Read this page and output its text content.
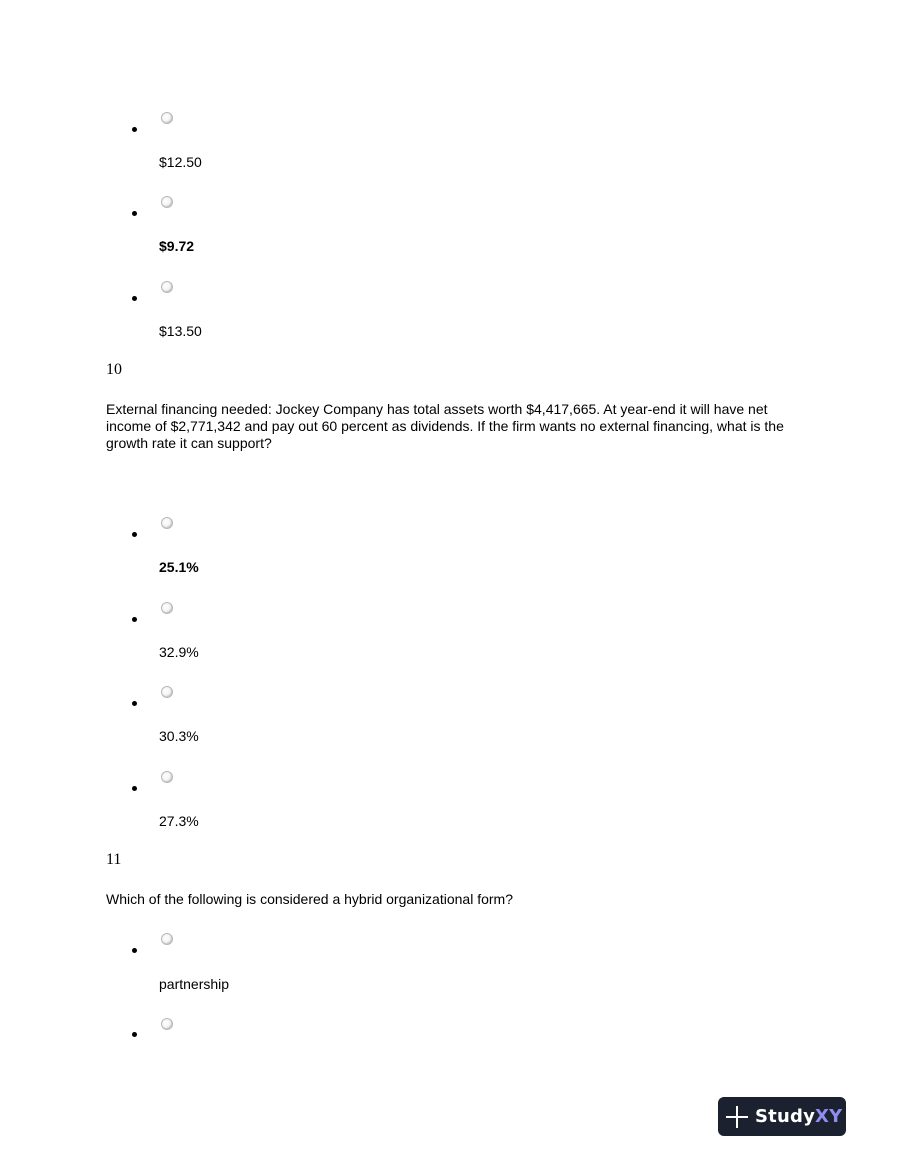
$12.50
$9.72
$13.50
10
External financing needed: Jockey Company has total assets worth $4,417,665. At year-end it will have net income of $2,771,342 and pay out 60 percent as dividends. If the firm wants no external financing, what is the growth rate it can support?
25.1%
32.9%
30.3%
27.3%
11
Which of the following is considered a hybrid organizational form?
partnership
StudyXY
